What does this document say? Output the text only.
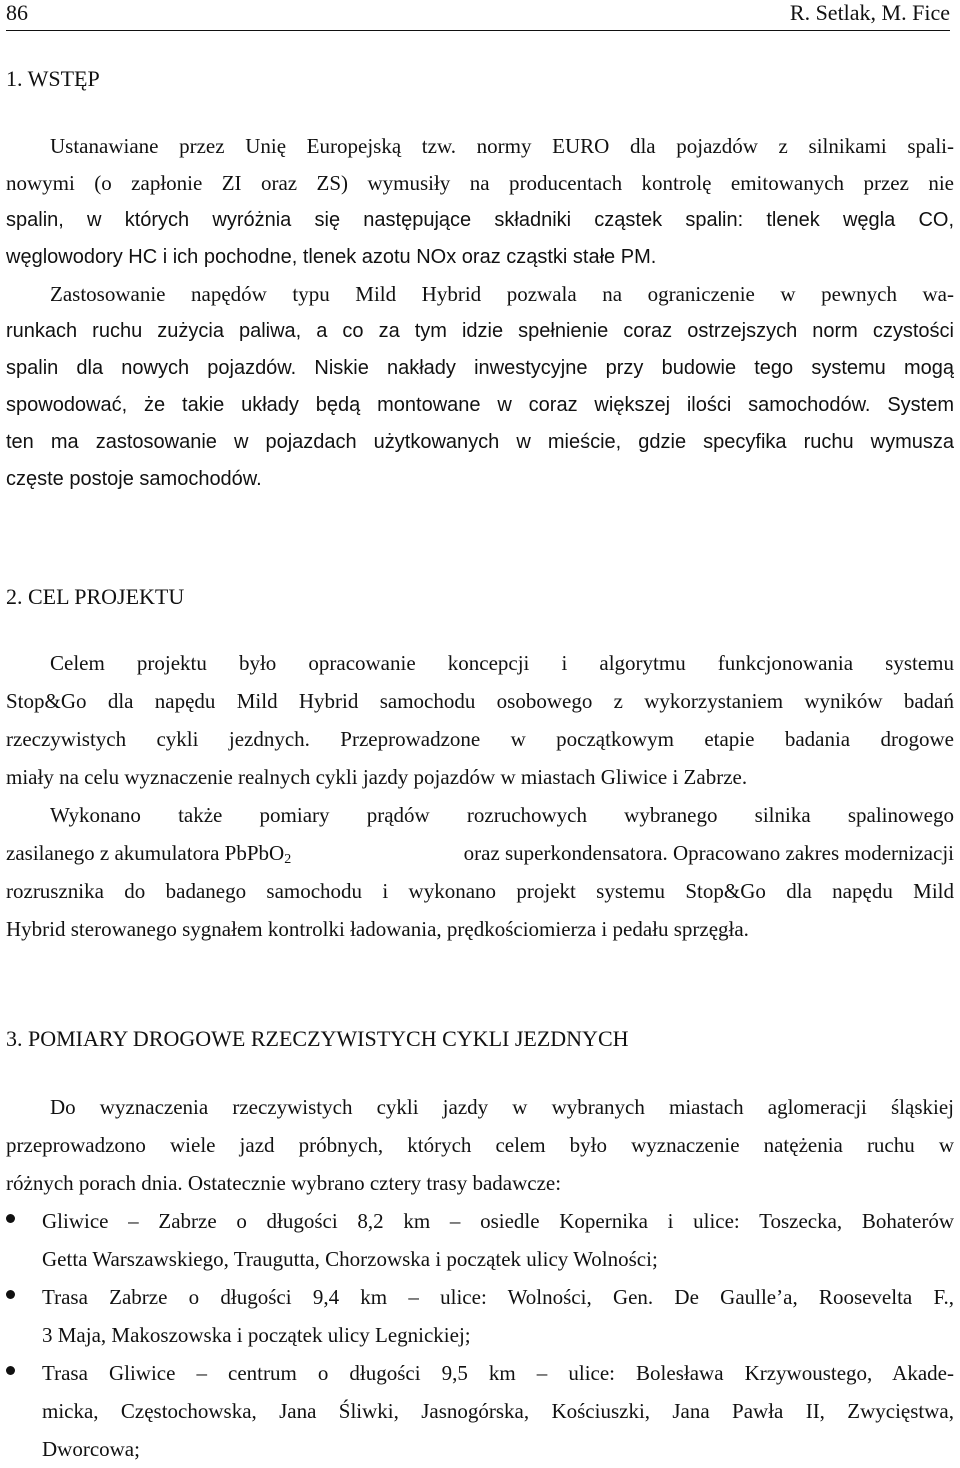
86	R. Setlak, M. Fice
1. WSTĘP
Ustanawiane przez Unię Europejską tzw. normy EURO dla pojazdów z silnikami spali-
nowymi (o zapłonie ZI oraz ZS) wymusiły na producentach kontrolę emitowanych przez nie
spalin, w których wyróżnia się następujące składniki cząstek spalin: tlenek węgla CO,
węglowodory HC i ich pochodne, tlenek azotu NOx oraz cząstki stałe PM.
Zastosowanie napędów typu Mild Hybrid pozwala na ograniczenie w pewnych wa-
runkach ruchu zużycia paliwa, a co za tym idzie spełnienie coraz ostrzejszych norm czystości
spalin dla nowych pojazdów. Niskie nakłady inwestycyjne przy budowie tego systemu mogą
spowodować, że takie układy będą montowane w coraz większej ilości samochodów. System
ten ma zastosowanie w pojazdach użytkowanych w mieście, gdzie specyfika ruchu wymusza
częste postoje samochodów.
2. CEL PROJEKTU
Celem projektu było opracowanie koncepcji i algorytmu funkcjonowania systemu
Stop&Go dla napędu Mild Hybrid samochodu osobowego z wykorzystaniem wyników badań
rzeczywistych cykli jezdnych. Przeprowadzone w początkowym etapie badania drogowe
miały na celu wyznaczenie realnych cykli jazdy pojazdów w miastach Gliwice i Zabrze.
Wykonano także pomiary prądów rozruchowych wybranego silnika spalinowego
zasilanego z akumulatora PbPbO$_2$	oraz superkondensatora. Opracowano zakres modernizacji
rozrusznika do badanego samochodu i wykonano projekt systemu Stop&Go dla napędu Mild
Hybrid sterowanego sygnałem kontrolki ładowania, prędkościomierza i pedału sprzęgła.
3. POMIARY DROGOWE RZECZYWISTYCH CYKLI JEZDNYCH
Do wyznaczenia rzeczywistych cykli jazdy w wybranych miastach aglomeracji śląskiej
przeprowadzono wiele jazd próbnych, których celem było wyznaczenie natężenia ruchu w
różnych porach dnia. Ostatecznie wybrano cztery trasy badawcze:
Gliwice – Zabrze o długości 8,2 km – osiedle Kopernika i ulice: Toszecka, Bohaterów
Getta Warszawskiego, Traugutta, Chorzowska i początek ulicy Wolności;
Trasa Zabrze o długości 9,4 km – ulice: Wolności, Gen. De Gaulle’a, Roosevelta F.,
3 Maja, Makoszowska i początek ulicy Legnickiej;
Trasa Gliwice – centrum o długości 9,5 km – ulice: Bolesława Krzywoustego, Akade-
micka, Częstochowska, Jana Śliwki, Jasnogórska, Kościuszki, Jana Pawła II, Zwycięstwa,
Dworcowa;
